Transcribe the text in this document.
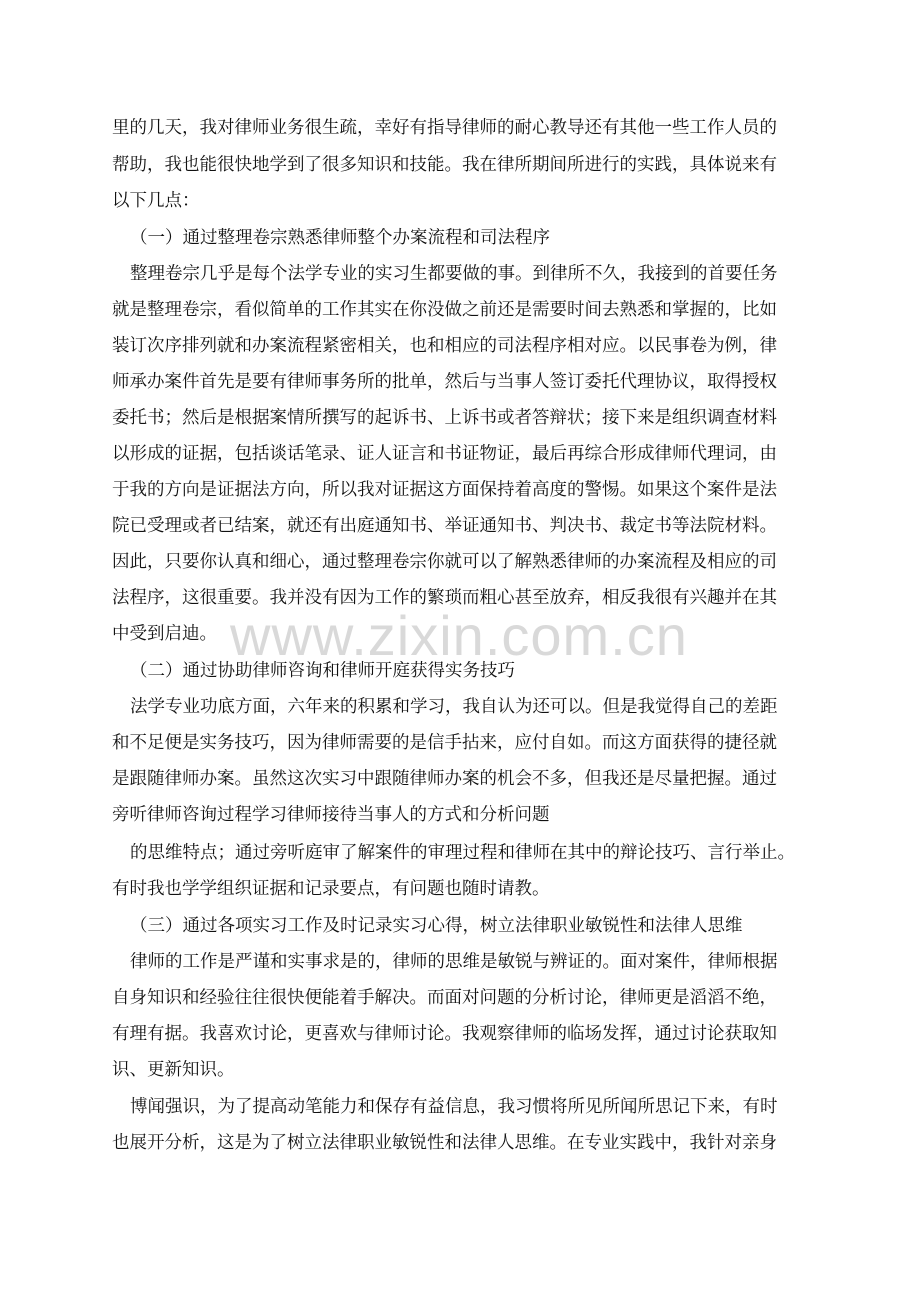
www.zixin.com.cn
里的几天，我对律师业务很生疏，幸好有指导律师的耐心教导还有其他一些工作人员的
帮助，我也能很快地学到了很多知识和技能。我在律所期间所进行的实践，具体说来有
以下几点：
（一）通过整理卷宗熟悉律师整个办案流程和司法程序
整理卷宗几乎是每个法学专业的实习生都要做的事。到律所不久，我接到的首要任务
就是整理卷宗，看似简单的工作其实在你没做之前还是需要时间去熟悉和掌握的，比如
装订次序排列就和办案流程紧密相关，也和相应的司法程序相对应。以民事卷为例，律
师承办案件首先是要有律师事务所的批单，然后与当事人签订委托代理协议，取得授权
委托书；然后是根据案情所撰写的起诉书、上诉书或者答辩状；接下来是组织调查材料
以形成的证据，包括谈话笔录、证人证言和书证物证，最后再综合形成律师代理词，由
于我的方向是证据法方向，所以我对证据这方面保持着高度的警惕。如果这个案件是法
院已受理或者已结案，就还有出庭通知书、举证通知书、判决书、裁定书等法院材料。
因此，只要你认真和细心，通过整理卷宗你就可以了解熟悉律师的办案流程及相应的司
法程序，这很重要。我并没有因为工作的繁琐而粗心甚至放弃，相反我很有兴趣并在其
中受到启迪。
（二）通过协助律师咨询和律师开庭获得实务技巧
法学专业功底方面，六年来的积累和学习，我自认为还可以。但是我觉得自己的差距
和不足便是实务技巧，因为律师需要的是信手拈来，应付自如。而这方面获得的捷径就
是跟随律师办案。虽然这次实习中跟随律师办案的机会不多，但我还是尽量把握。通过
旁听律师咨询过程学习律师接待当事人的方式和分析问题
的思维特点；通过旁听庭审了解案件的审理过程和律师在其中的辩论技巧、言行举止。
有时我也学学组织证据和记录要点，有问题也随时请教。
（三）通过各项实习工作及时记录实习心得，树立法律职业敏锐性和法律人思维
律师的工作是严谨和实事求是的，律师的思维是敏锐与辨证的。面对案件，律师根据
自身知识和经验往往很快便能着手解决。而面对问题的分析讨论，律师更是滔滔不绝，
有理有据。我喜欢讨论，更喜欢与律师讨论。我观察律师的临场发挥，通过讨论获取知
识、更新知识。
博闻强识，为了提高动笔能力和保存有益信息，我习惯将所见所闻所思记下来，有时
也展开分析，这是为了树立法律职业敏锐性和法律人思维。在专业实践中，我针对亲身
